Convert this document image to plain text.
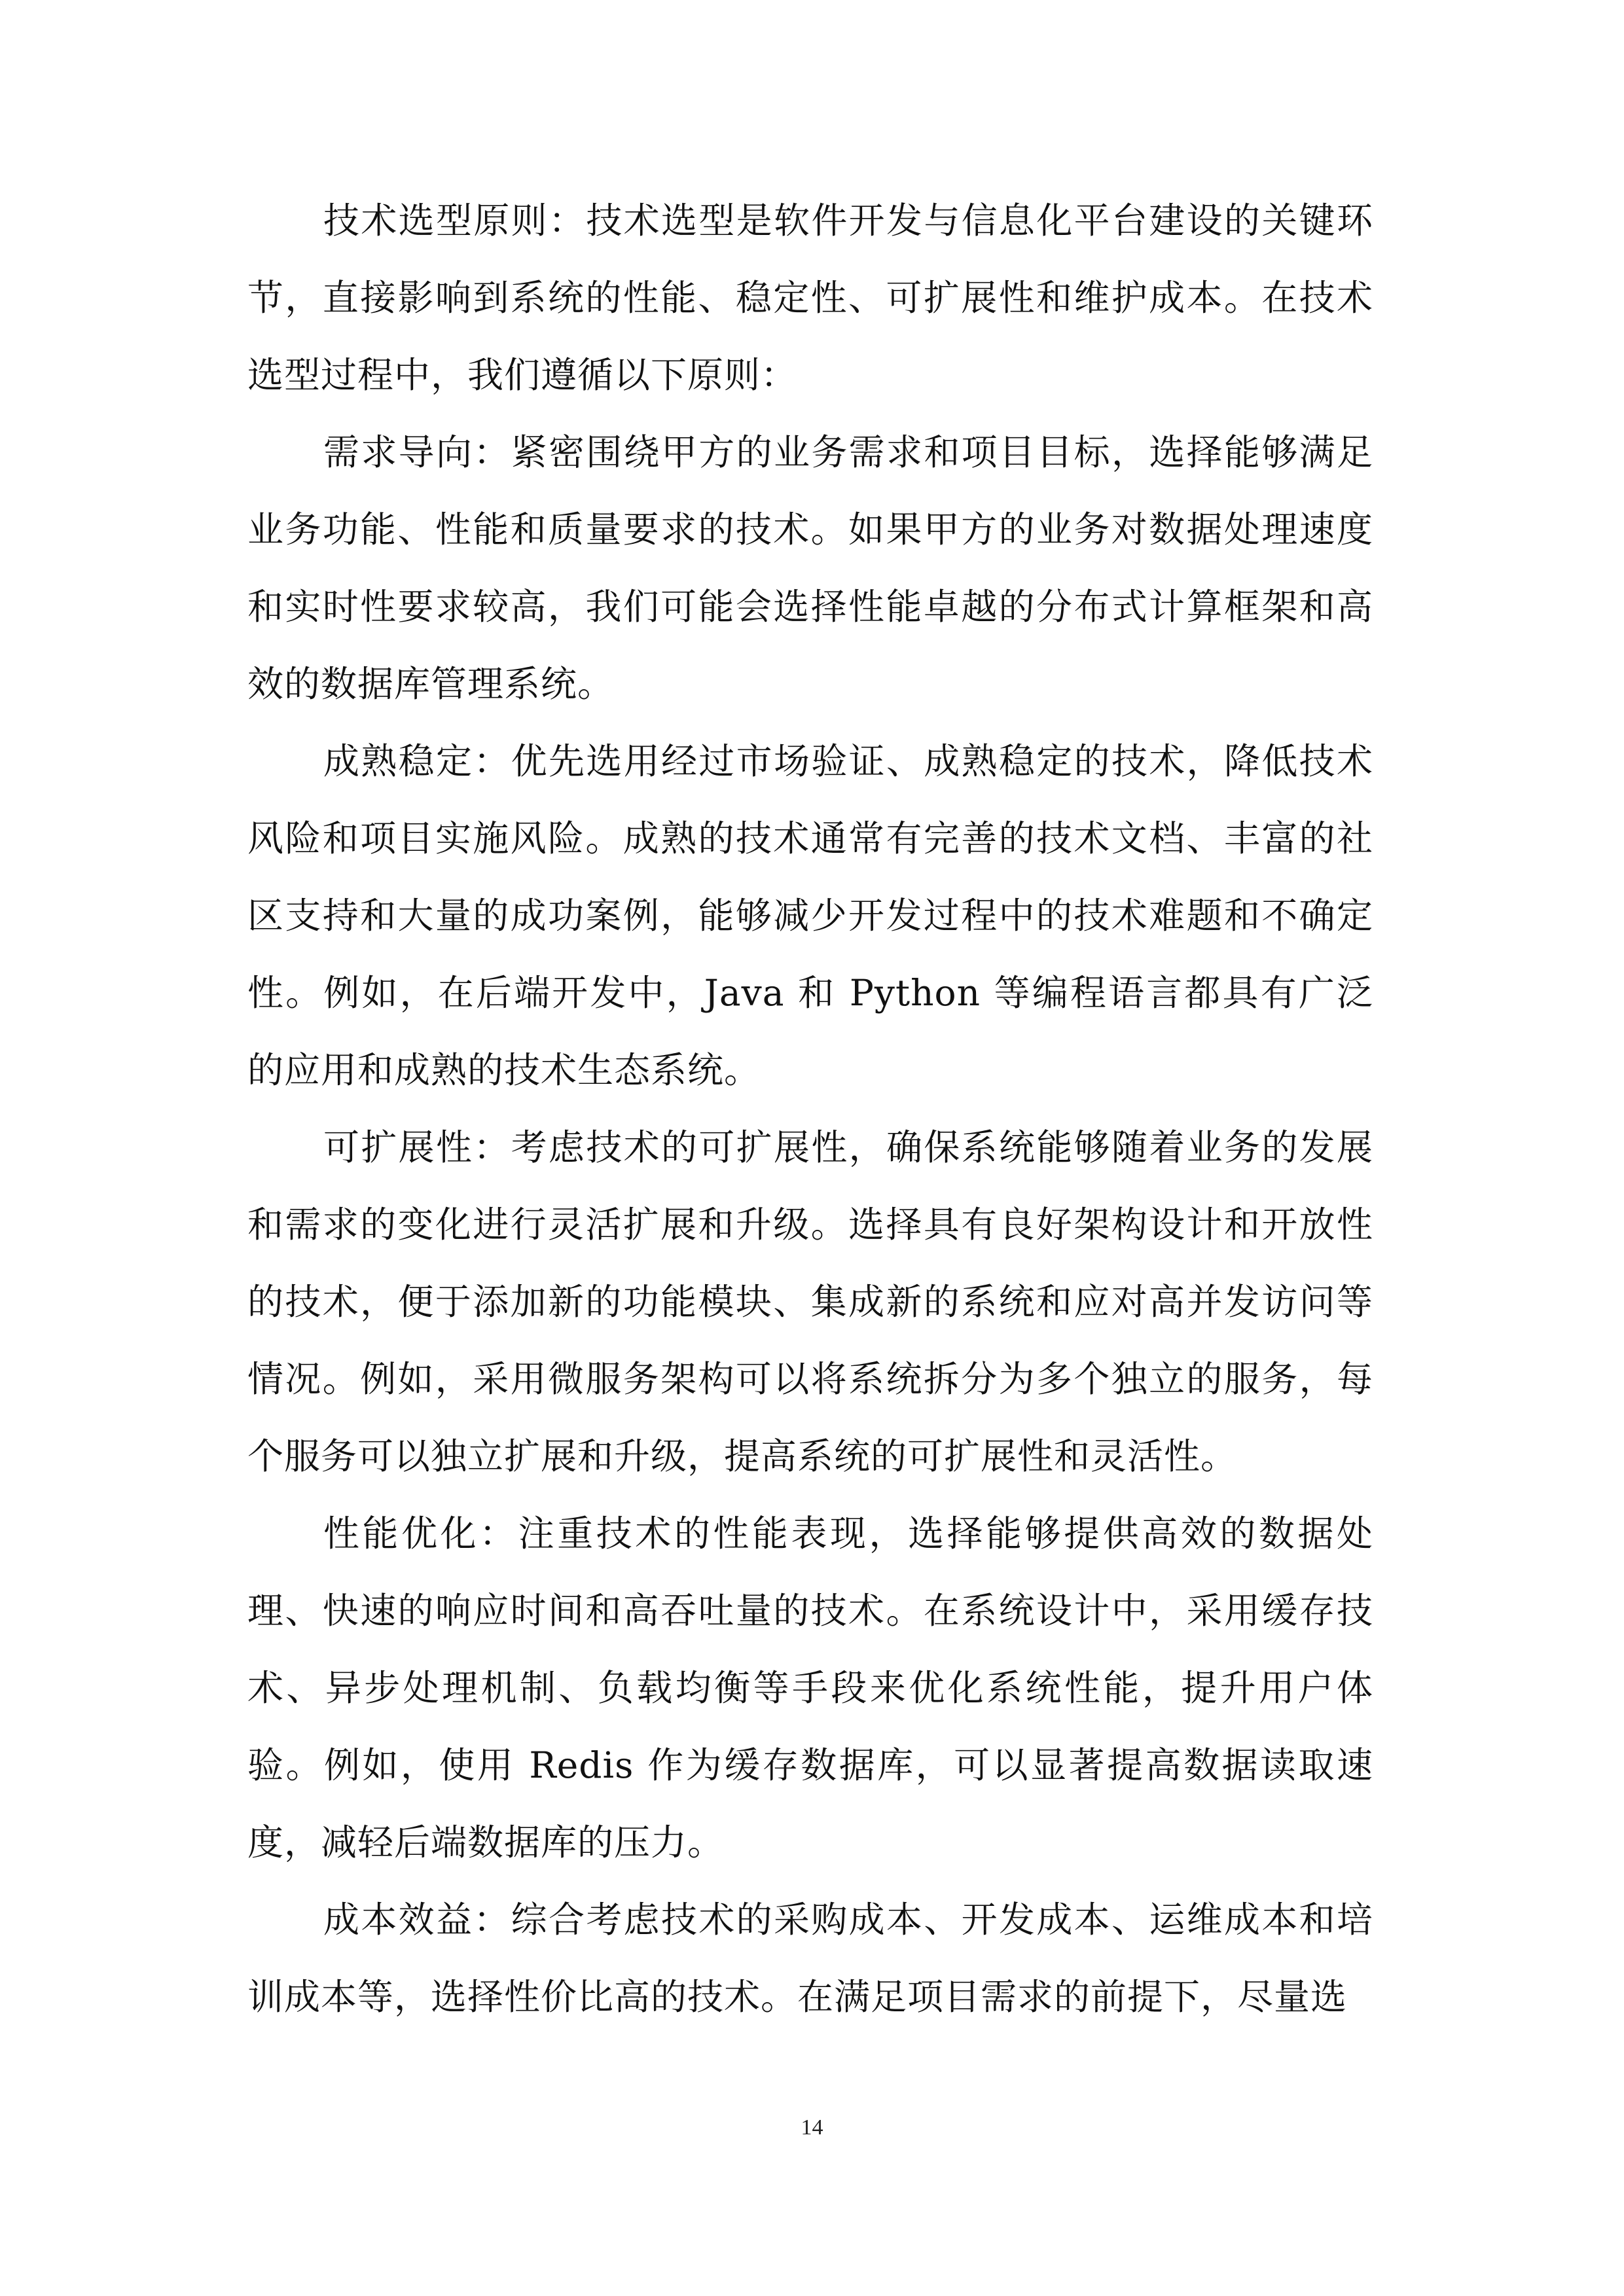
技术选型原则：技术选型是软件开发与信息化平台建设的关键环节，直接影响到系统的性能、稳定性、可扩展性和维护成本。在技术选型过程中，我们遵循以下原则：

需求导向：紧密围绕甲方的业务需求和项目目标，选择能够满足业务功能、性能和质量要求的技术。如果甲方的业务对数据处理速度和实时性要求较高，我们可能会选择性能卓越的分布式计算框架和高效的数据库管理系统。

成熟稳定：优先选用经过市场验证、成熟稳定的技术，降低技术风险和项目实施风险。成熟的技术通常有完善的技术文档、丰富的社区支持和大量的成功案例，能够减少开发过程中的技术难题和不确定性。例如，在后端开发中，Java 和 Python 等编程语言都具有广泛的应用和成熟的技术生态系统。

可扩展性：考虑技术的可扩展性，确保系统能够随着业务的发展和需求的变化进行灵活扩展和升级。选择具有良好架构设计和开放性的技术，便于添加新的功能模块、集成新的系统和应对高并发访问等情况。例如，采用微服务架构可以将系统拆分为多个独立的服务，每个服务可以独立扩展和升级，提高系统的可扩展性和灵活性。

性能优化：注重技术的性能表现，选择能够提供高效的数据处理、快速的响应时间和高吞吐量的技术。在系统设计中，采用缓存技术、异步处理机制、负载均衡等手段来优化系统性能，提升用户体验。例如，使用 Redis 作为缓存数据库，可以显著提高数据读取速度，减轻后端数据库的压力。

成本效益：综合考虑技术的采购成本、开发成本、运维成本和培训成本等，选择性价比高的技术。在满足项目需求的前提下，尽量选

14
